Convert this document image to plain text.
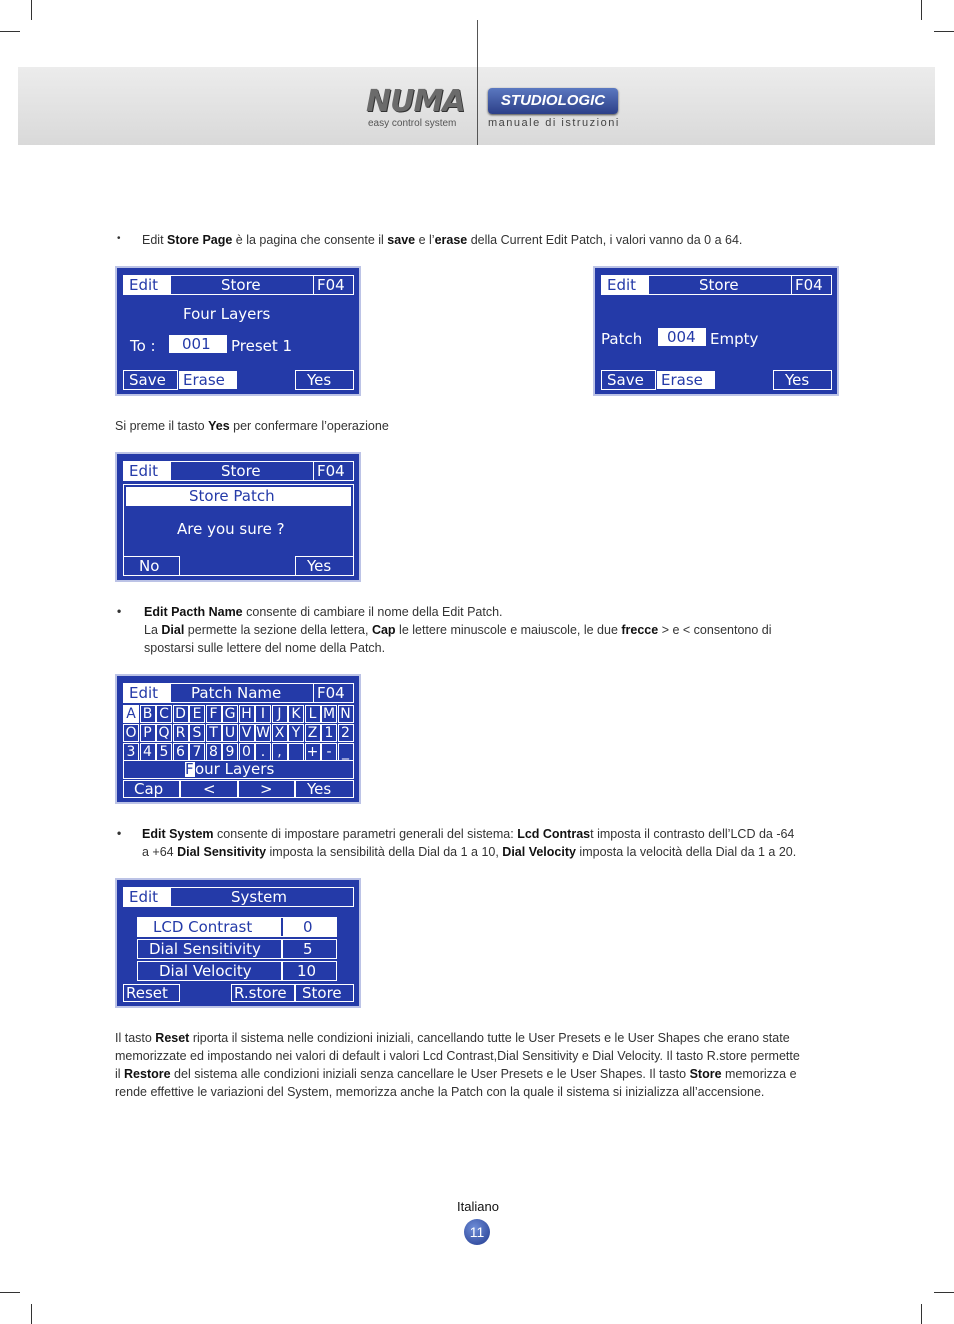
NUMA
easy control system
STUDIOLOGIC
manuale di istruzioni
• Edit Store Page è la pagina che consente il save e l’erase della Current Edit Patch, i valori vanno da 0 a 64.
Edit	Store	F04
Four Layers
To : 001 Preset 1
Save Erase	Yes
Edit	Store	F04
Patch 004 Empty
Save Erase	Yes
Si preme il tasto Yes per confermare l’operazione
Edit	Store	F04
Store Patch
Are you sure ?
No	Yes
• Edit Pacth Name consente di cambiare il nome della Edit Patch.
La Dial permette la sezione della lettera, Cap le lettere minuscole e maiuscole, le due frecce > e < consentono di
spostarsi sulle lettere del nome della Patch.
Edit Patch Name F04
A B C D E F G H I J K L M N
O P Q R S T U V W X Y Z 1 2
3 4 5 6 7 8 9 0 . ,	+ - _
F our Layers
Cap	<	> Yes
• Edit System consente di impostare parametri generali del sistema: Lcd Contrast imposta il contrasto dell’LCD da -64
a +64 Dial Sensitivity imposta la sensibilità della Dial da 1 a 10, Dial Velocity imposta la velocità della Dial da 1 a 20.
Edit	System
LCD Contrast	0
Dial Sensitivity	5
Dial Velocity	10
Reset	R.store Store
Il tasto Reset riporta il sistema nelle condizioni iniziali, cancellando tutte le User Presets e le User Shapes che erano state
memorizzate ed impostando nei valori di default i valori Lcd Contrast,Dial Sensitivity e Dial Velocity. Il tasto R.store permette
il Restore del sistema alle condizioni iniziali senza cancellare le User Presets e le User Shapes. Il tasto Store memorizza e
rende effettive le variazioni del System, memorizza anche la Patch con la quale il sistema si inizializza all’accensione.
Italiano
11
